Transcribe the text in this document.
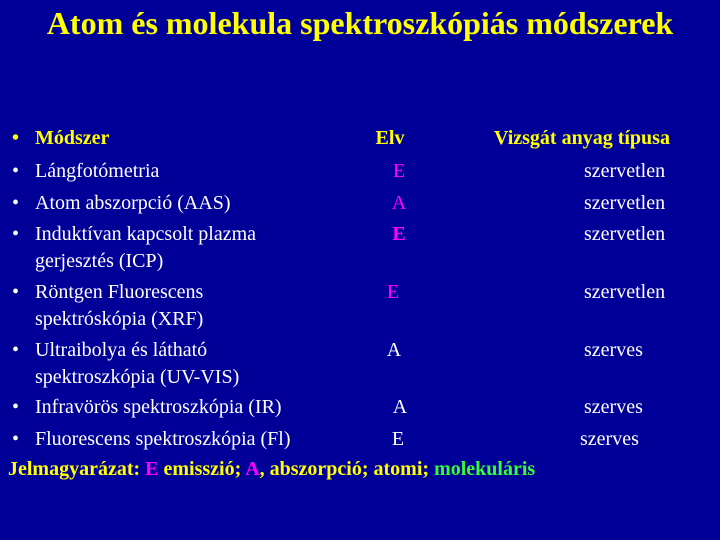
Atom és molekula spektroszkópiás módszerek
• Módszer	Elv	Vizsgát anyag típusa
• Lángfotómetria	E	szervetlen
• Atom abszorpció (AAS)	A	szervetlen
• Induktívan kapcsolt plazma gerjesztés (ICP)
E	szervetlen
• Röntgen Fluorescens spektróskópia (XRF)
E	szervetlen
• Ultraibolya és látható spektroszkópia (UV-VIS)
A	szerves
• Infravörös spektroszkópia (IR)	A	szerves
• Fluorescens spektroszkópia (Fl)	E	szerves
Jelmagyarázat: E emisszió; A, abszorpció; atomi; molekuláris
